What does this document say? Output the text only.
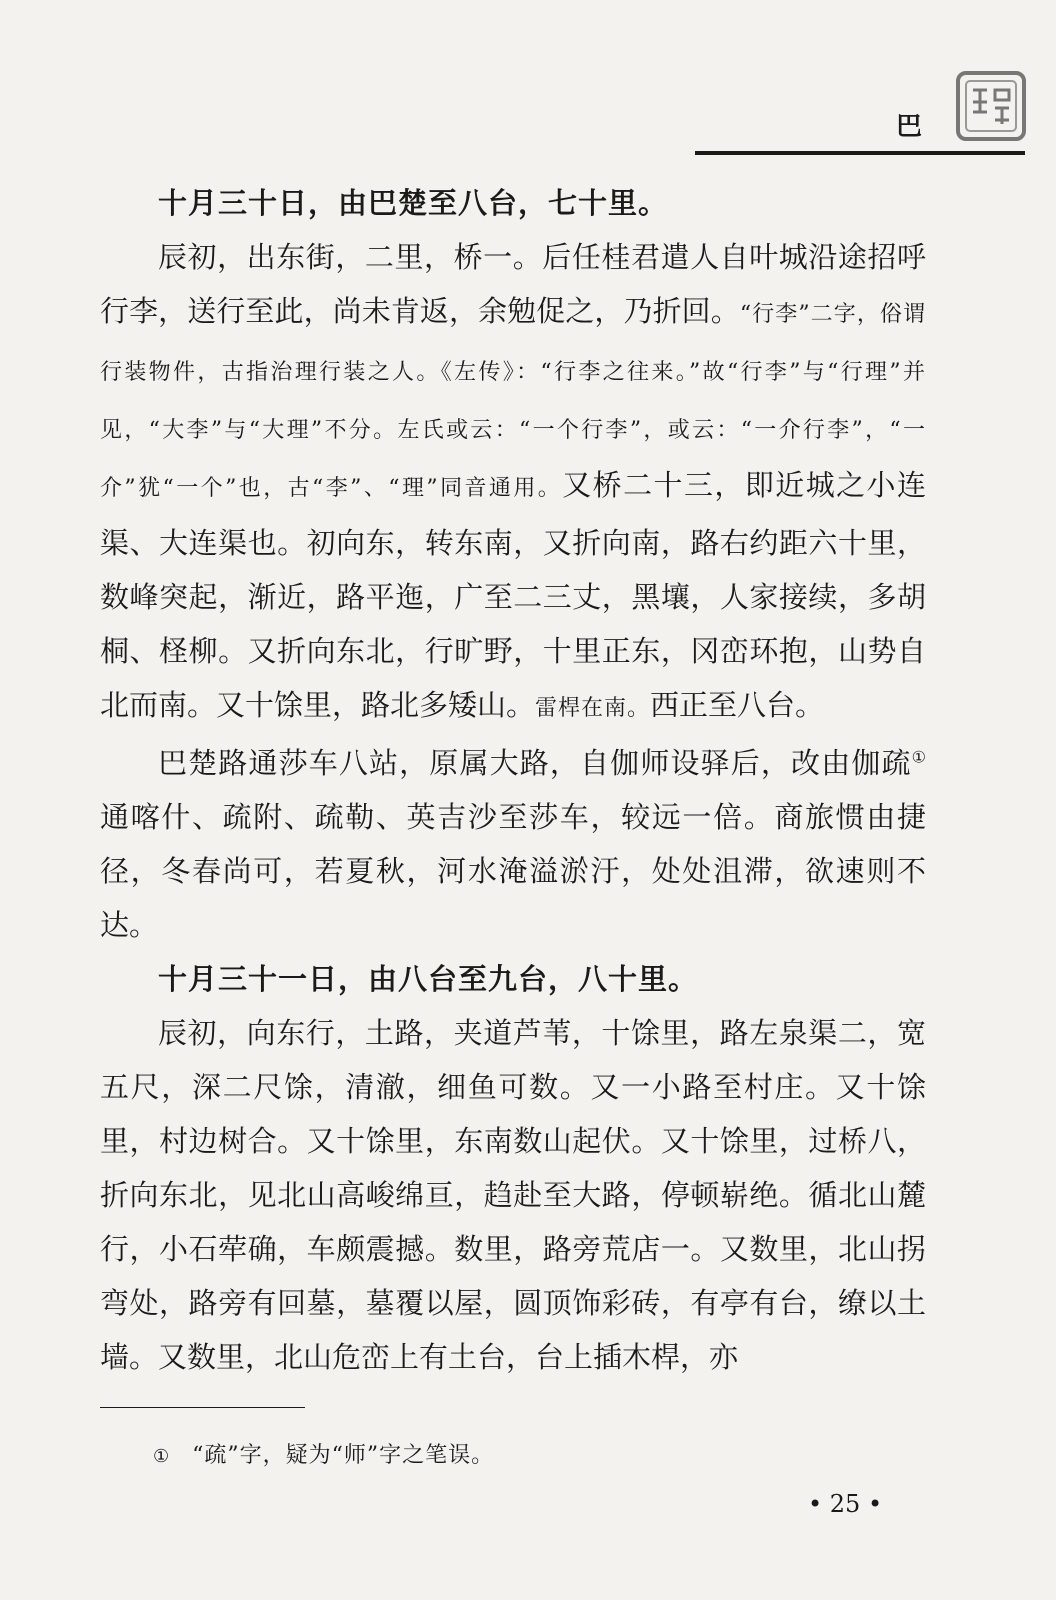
巴

十月三十日，由巴楚至八台，七十里。

辰初，出东街，二里，桥一。后任桂君遣人自叶城沿途招呼行李，送行至此，尚未肯返，余勉促之，乃折回。“行李”二字，俗谓行装物件，古指治理行装之人。《左传》：“行李之往来。”故“行李”与“行理”并见，“大李”与“大理”不分。左氏或云：“一个行李”，或云：“一介行李”，“一介”犹“一个”也，古“李”、“理”同音通用。又桥二十三，即近城之小连渠、大连渠也。初向东，转东南，又折向南，路右约距六十里，数峰突起，渐近，路平迤，广至二三丈，黑壤，人家接续，多胡桐、柽柳。又折向东北，行旷野，十里正东，冈峦环抱，山势自北而南。又十馀里，路北多矮山。雷桿在南。西正至八台。

巴楚路通莎车八站，原属大路，自伽师设驿后，改由伽疏①通喀什、疏附、疏勒、英吉沙至莎车，较远一倍。商旅惯由捷径，冬春尚可，若夏秋，河水淹溢淤汙，处处沮滞，欲速则不达。

十月三十一日，由八台至九台，八十里。

辰初，向东行，土路，夹道芦苇，十馀里，路左泉渠二，宽五尺，深二尺馀，清澈，细鱼可数。又一小路至村庄。又十馀里，村边树合。又十馀里，东南数山起伏。又十馀里，过桥八，折向东北，见北山高峻绵亘，趋赴至大路，停顿崭绝。循北山麓行，小石荦确，车颇震撼。数里，路旁荒店一。又数里，北山拐弯处，路旁有回墓，墓覆以屋，圆顶饰彩砖，有亭有台，缭以土墙。又数里，北山危峦上有土台，台上插木桿，亦

① “疏”字，疑为“师”字之笔误。
• 25 •
